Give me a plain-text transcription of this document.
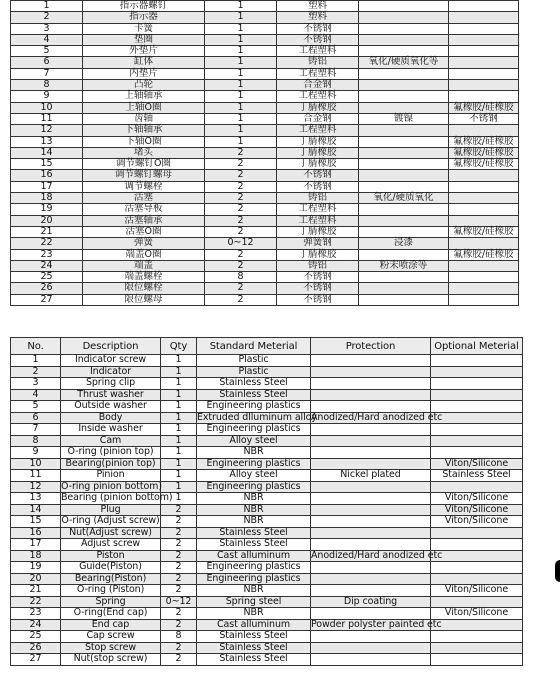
1	指示器螺钉	1	塑料		
2	指示器	1	塑料		
3	卡簧	1	不锈钢		
4	垫圈	1	不锈钢		
5	外垫片	1	工程塑料		
6	缸体	1	铸铝	氧化/硬质氧化等	
7	内垫片	1	工程塑料		
8	凸轮	1	合金钢		
9	上轴轴承	1	工程塑料		
10	上轴O圈	1	丁腈橡胶		氟橡胶/硅橡胶
11	齿轴	1	合金钢	镀镍	不锈钢
12	下轴轴承	1	工程塑料		
13	下轴O圈	1	丁腈橡胶		氟橡胶/硅橡胶
14	堵头	2	丁腈橡胶		氟橡胶/硅橡胶
15	调节螺钉O圈	2	丁腈橡胶		氟橡胶/硅橡胶
16	调节螺钉螺母	2	不锈钢		
17	调节螺栓	2	不锈钢		
18	活塞	2	铸铝	氧化/硬质氧化	
19	活塞导板	2	工程塑料		
20	活塞轴承	2	工程塑料		
21	活塞O圈	2	丁腈橡胶		氟橡胶/硅橡胶
22	弹簧	0~12	弹簧钢	浸漆	
23	端盖O圈	2	丁腈橡胶		氟橡胶/硅橡胶
24	端盖	2	铸铝	粉末喷涂等	
25	端盖螺栓	8	不锈钢		
26	限位螺栓	2	不锈钢		
27	限位螺母	2	不锈钢		
No.	Description	Qty	Standard Meterial	Protection	Optional Meterial
1	Indicator screw	1	Plastic		
2	Indicator	1	Plastic		
3	Spring clip	1	Stainless Steel		
4	Thrust washer	1	Stainless Steel		
5	Outside washer	1	Engineering plastics		
6	Body	1	Extruded dlluminum alloy	Anodized/Hard anodized etc	
7	Inside washer	1	Engineering plastics		
8	Cam	1	Alloy steel		
9	O-ring (pinion top)	1	NBR		
10	Bearing(pinion top)	1	Engineering plastics		Viton/Silicone
11	Pinion	1	Alloy steel	Nickel plated	Stainless Steel
12	O-ring pinion bottom)	1	Engineering plastics		
13	Bearing (pinion bottom)	1	NBR		Viton/Silicone
14	Plug	2	NBR		Viton/Silicone
15	O-ring (Adjust screw)	2	NBR		Viton/Silicone
16	Nut(Adjust screw)	2	Stainless Steel		
17	Adjust screw	2	Stainless Steel		
18	Piston	2	Cast alluminum	Anodized/Hard anodized etc	
19	Guide(Piston)	2	Engineering plastics		
20	Bearing(Piston)	2	Engineering plastics		
21	O-ring (Piston)	2	NBR		Viton/Silicone
22	Spring	0~12	Spring steel	Dip coating	
23	O-ring(End cap)	2	NBR		Viton/Silicone
24	End cap	2	Cast alluminum	Powder polyster painted etc	
25	Cap screw	8	Stainless Steel		
26	Stop screw	2	Stainless Steel		
27	Nut(stop screw)	2	Stainless Steel		
